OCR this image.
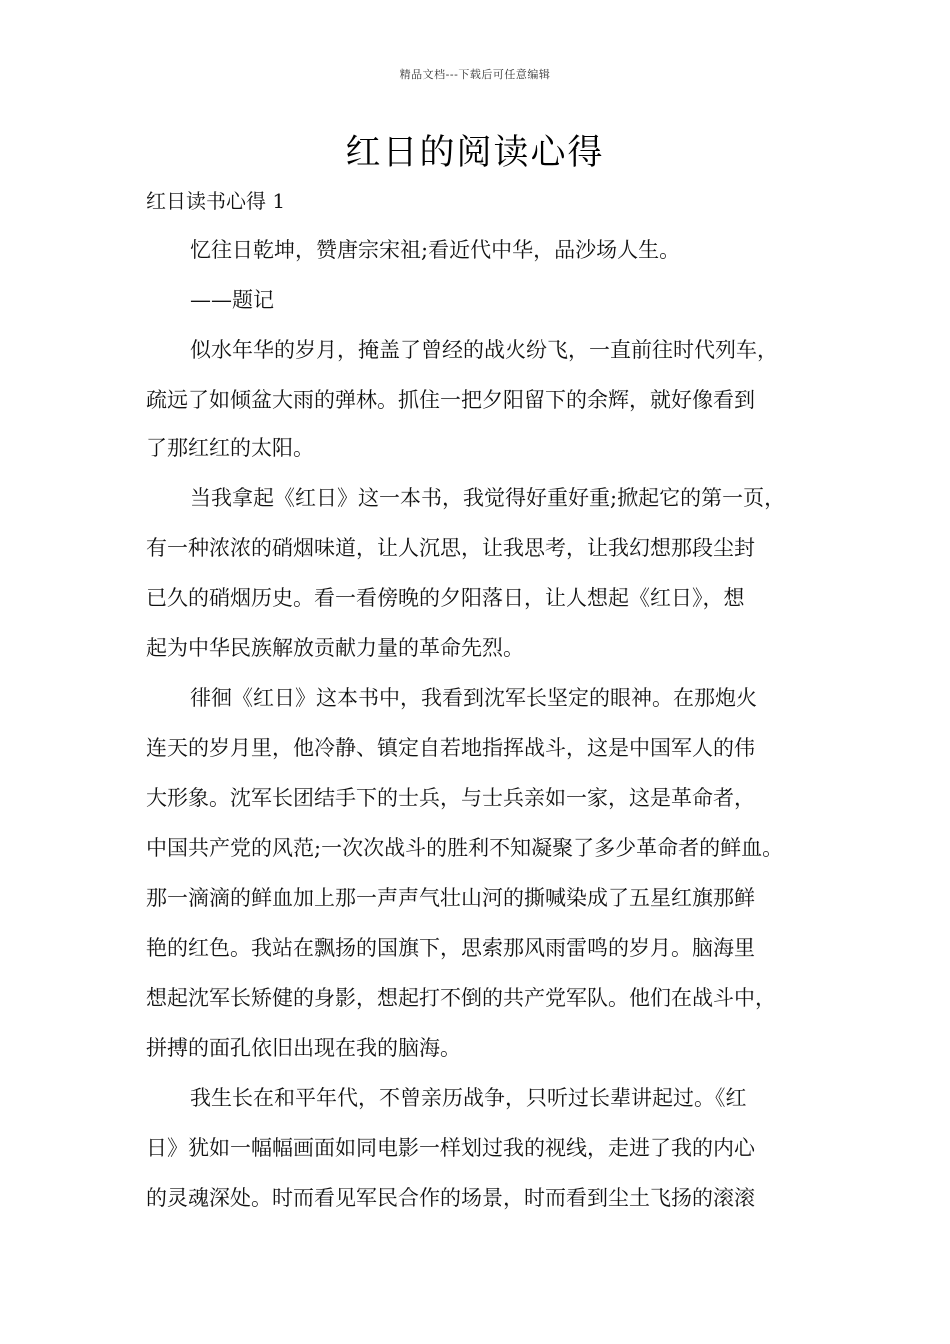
精品文档---下载后可任意编辑
红日的阅读心得
红日读书心得 1
忆往日乾坤，赞唐宗宋祖;看近代中华，品沙场人生。
——题记
似水年华的岁月，掩盖了曾经的战火纷飞，一直前往时代列车，
疏远了如倾盆大雨的弹林。抓住一把夕阳留下的余辉，就好像看到
了那红红的太阳。
当我拿起《红日》这一本书，我觉得好重好重;掀起它的第一页，
有一种浓浓的硝烟味道，让人沉思，让我思考，让我幻想那段尘封
已久的硝烟历史。看一看傍晚的夕阳落日，让人想起《红日》，想
起为中华民族解放贡献力量的革命先烈。
徘徊《红日》这本书中，我看到沈军长坚定的眼神。在那炮火
连天的岁月里，他冷静、镇定自若地指挥战斗，这是中国军人的伟
大形象。沈军长团结手下的士兵，与士兵亲如一家，这是革命者，
中国共产党的风范;一次次战斗的胜利不知凝聚了多少革命者的鲜血。
那一滴滴的鲜血加上那一声声气壮山河的撕喊染成了五星红旗那鲜
艳的红色。我站在飘扬的国旗下，思索那风雨雷鸣的岁月。脑海里
想起沈军长矫健的身影，想起打不倒的共产党军队。他们在战斗中，
拼搏的面孔依旧出现在我的脑海。
我生长在和平年代，不曾亲历战争，只听过长辈讲起过。《红
日》犹如一幅幅画面如同电影一样划过我的视线，走进了我的内心
的灵魂深处。时而看见军民合作的场景，时而看到尘土飞扬的滚滚
